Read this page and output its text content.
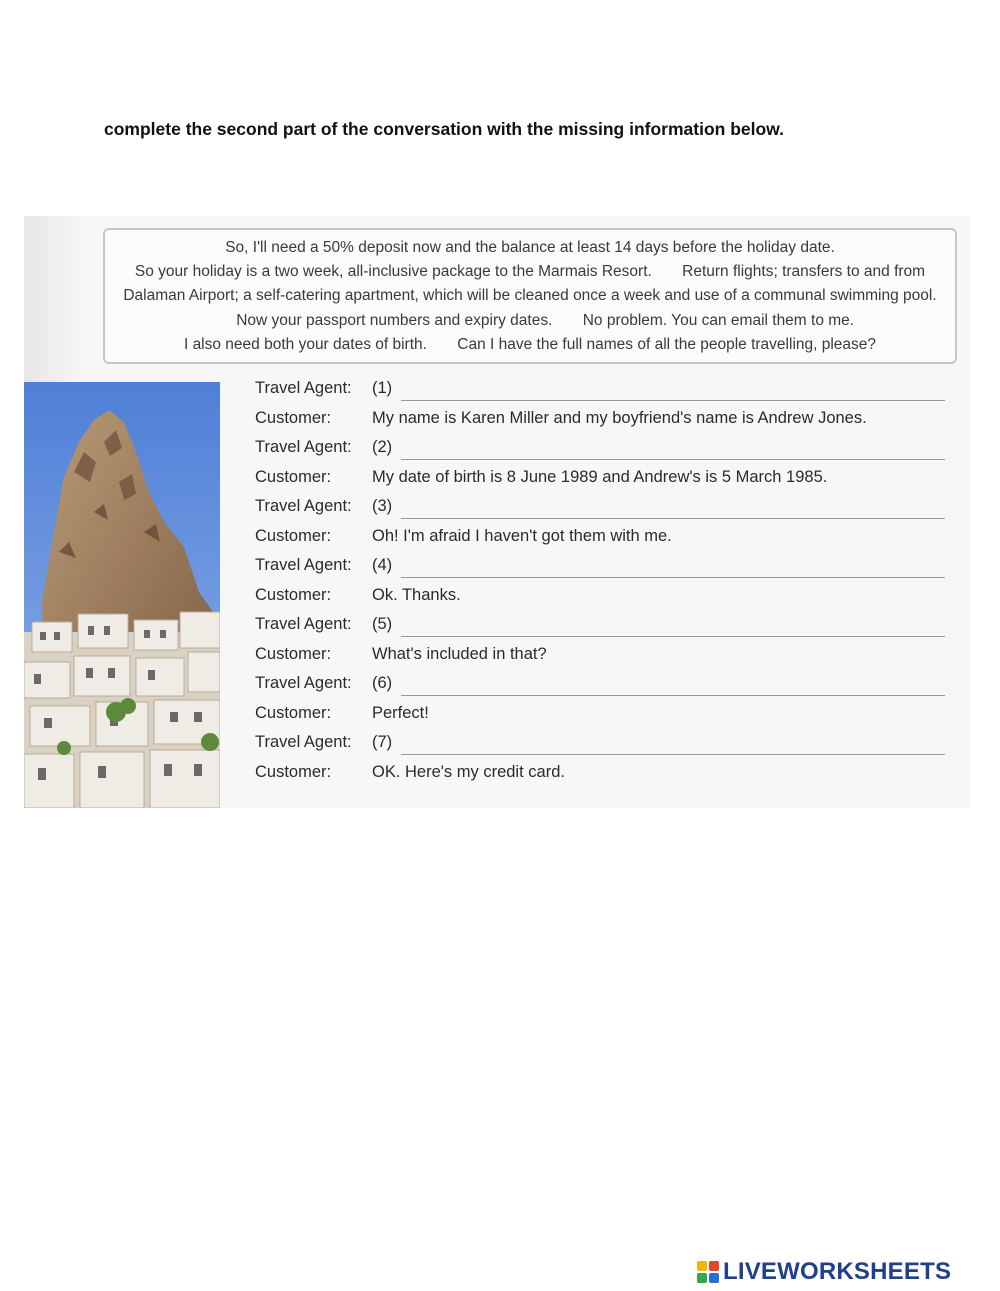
complete the second part of the conversation with the missing information below.
So, I'll need a 50% deposit now and the balance at least 14 days before the holiday date.
So your holiday is a two week, all-inclusive package to the Marmais Resort. Return flights; transfers to and from Dalaman Airport; a self-catering apartment, which will be cleaned once a week and use of a communal swimming pool. Now your passport numbers and expiry dates. No problem. You can email them to me.
I also need both your dates of birth. Can I have the full names of all the people travelling, please?
Travel Agent: (1)
Customer: My name is Karen Miller and my boyfriend's name is Andrew Jones.
Travel Agent: (2)
Customer: My date of birth is 8 June 1989 and Andrew's is 5 March 1985.
Travel Agent: (3)
Customer: Oh! I'm afraid I haven't got them with me.
Travel Agent: (4)
Customer: Ok. Thanks.
Travel Agent: (5)
Customer: What's included in that?
Travel Agent: (6)
Customer: Perfect!
Travel Agent: (7)
Customer: OK. Here's my credit card.
LIVEWORKSHEETS
